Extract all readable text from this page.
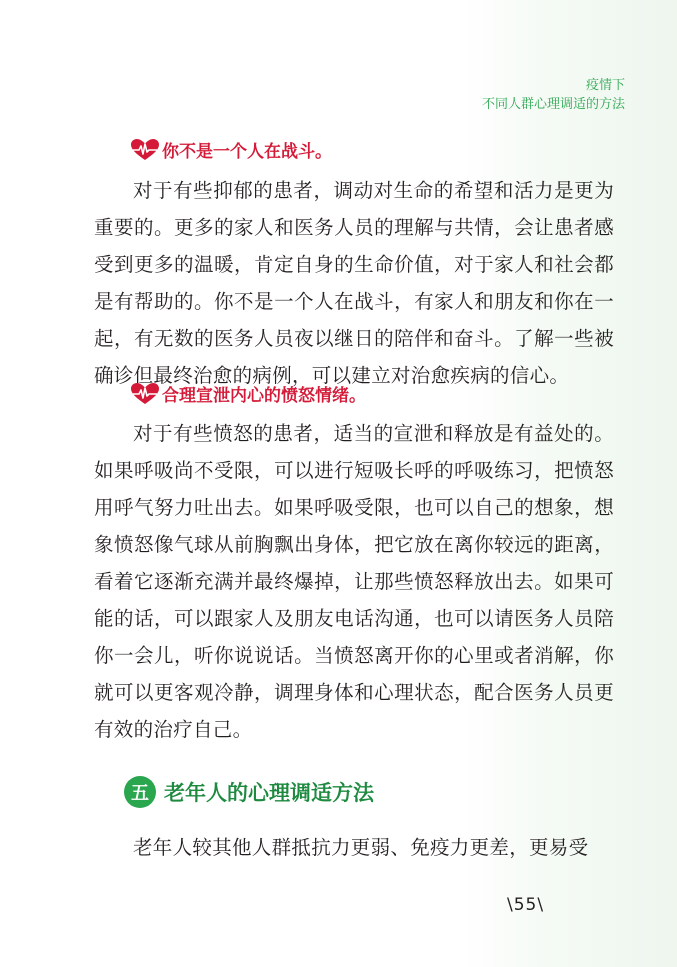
疫情下
不同人群心理调适的方法
你不是一个人在战斗。

对于有些抑郁的患者，调动对生命的希望和活力是更为重要的。更多的家人和医务人员的理解与共情，会让患者感受到更多的温暖，肯定自身的生命价值，对于家人和社会都是有帮助的。你不是一个人在战斗，有家人和朋友和你在一起，有无数的医务人员夜以继日的陪伴和奋斗。了解一些被确诊但最终治愈的病例，可以建立对治愈疾病的信心。

合理宣泄内心的愤怒情绪。

对于有些愤怒的患者，适当的宣泄和释放是有益处的。如果呼吸尚不受限，可以进行短吸长呼的呼吸练习，把愤怒用呼气努力吐出去。如果呼吸受限，也可以自己的想象，想象愤怒像气球从前胸飘出身体，把它放在离你较远的距离，看着它逐渐充满并最终爆掉，让那些愤怒释放出去。如果可能的话，可以跟家人及朋友电话沟通，也可以请医务人员陪你一会儿，听你说说话。当愤怒离开你的心里或者消解，你就可以更客观冷静，调理身体和心理状态，配合医务人员更有效的治疗自己。

五 老年人的心理调适方法

老年人较其他人群抵抗力更弱、免疫力更差，更易受

\55\
